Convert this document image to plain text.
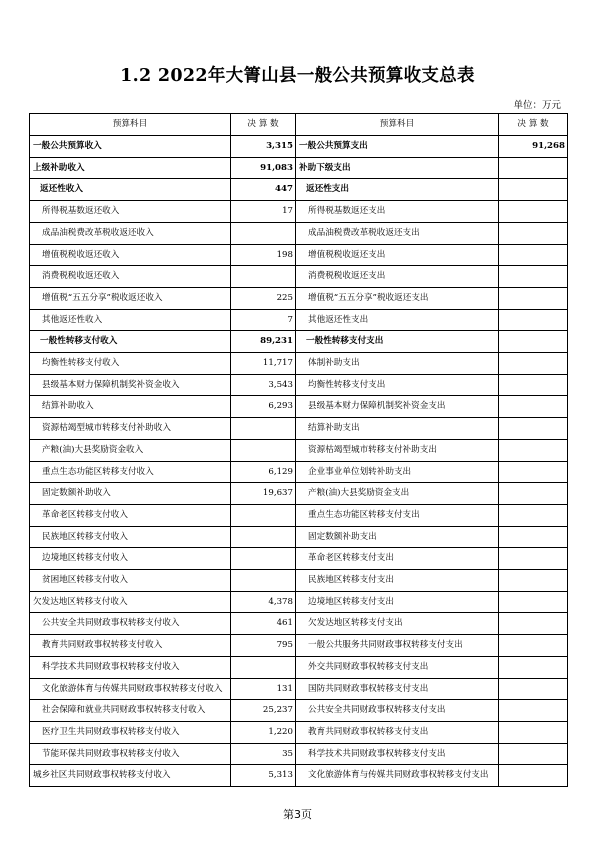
1.2 2022年大箐山县一般公共预算收支总表
单位：万元
预算科目	决 算 数	预算科目	决 算 数
一般公共预算收入	3,315	一般公共预算支出	91,268
上级补助收入	91,083	补助下级支出	
返还性收入	447	返还性支出	
所得税基数返还收入	17	所得税基数返还支出	
成品油税费改革税收返还收入		成品油税费改革税收返还支出	
增值税税收返还收入	198	增值税税收返还支出	
消费税税收返还收入		消费税税收返还支出	
增值税“五五分享”税收返还收入	225	增值税“五五分享”税收返还支出	
其他返还性收入	7	其他返还性支出	
一般性转移支付收入	89,231	一般性转移支付支出	
均衡性转移支付收入	11,717	体制补助支出	
县级基本财力保障机制奖补资金收入	3,543	均衡性转移支付支出	
结算补助收入	6,293	县级基本财力保障机制奖补资金支出	
资源枯竭型城市转移支付补助收入		结算补助支出	
产粮(油)大县奖励资金收入		资源枯竭型城市转移支付补助支出	
重点生态功能区转移支付收入	6,129	企业事业单位划转补助支出	
固定数额补助收入	19,637	产粮(油)大县奖励资金支出	
革命老区转移支付收入		重点生态功能区转移支付支出	
民族地区转移支付收入		固定数额补助支出	
边境地区转移支付收入		革命老区转移支付支出	
贫困地区转移支付收入		民族地区转移支付支出	
欠发达地区转移支付收入	4,378	边境地区转移支付支出	
公共安全共同财政事权转移支付收入	461	欠发达地区转移支付支出	
教育共同财政事权转移支付收入	795	一般公共服务共同财政事权转移支付支出	
科学技术共同财政事权转移支付收入		外交共同财政事权转移支付支出	
文化旅游体育与传媒共同财政事权转移支付收入	131	国防共同财政事权转移支付支出	
社会保障和就业共同财政事权转移支付收入	25,237	公共安全共同财政事权转移支付支出	
医疗卫生共同财政事权转移支付收入	1,220	教育共同财政事权转移支付支出	
节能环保共同财政事权转移支付收入	35	科学技术共同财政事权转移支付支出	
城乡社区共同财政事权转移支付收入	5,313	文化旅游体育与传媒共同财政事权转移支付支出	
第3页
